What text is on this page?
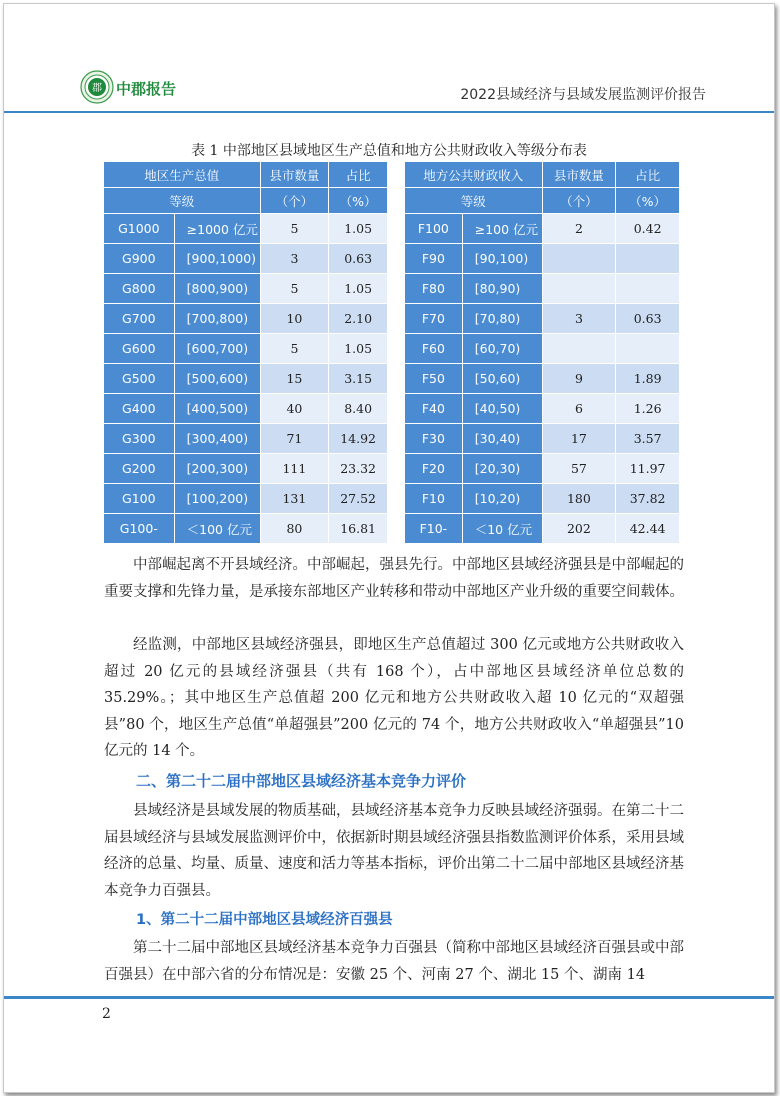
郡 中郡报告	2022县域经济与县域发展监测评价报告
表 1 中部地区县域地区生产总值和地方公共财政收入等级分布表
地区生产总值		县市数量	占比
等级		（个）	（%）
G1000	≥1000 亿元	5	1.05
G900	[900,1000)	3	0.63
G800	[800,900)	5	1.05
G700	[700,800)	10	2.10
G600	[600,700)	5	1.05
G500	[500,600)	15	3.15
G400	[400,500)	40	8.40
G300	[300,400)	71	14.92
G200	[200,300)	111	23.32
G100	[100,200)	131	27.52
G100-	＜100 亿元	80	16.81
地方公共财政收入		县市数量	占比
等级		（个）	（%）
F100	≥100 亿元	2	0.42
F90	[90,100)		
F80	[80,90)		
F70	[70,80)	3	0.63
F60	[60,70)		
F50	[50,60)	9	1.89
F40	[40,50)	6	1.26
F30	[30,40)	17	3.57
F20	[20,30)	57	11.97
F10	[10,20)	180	37.82
F10-	＜10 亿元	202	42.44

中部崛起离不开县域经济。中部崛起，强县先行。中部地区县域经济强县是中部崛起的重要支撑和先锋力量，是承接东部地区产业转移和带动中部地区产业升级的重要空间载体。

经监测，中部地区县域经济强县，即地区生产总值超过 300 亿元或地方公共财政收入超过 20 亿元的县域经济强县（共有 168 个），占中部地区县域经济单位总数的 35.29%。；其中地区生产总值超 200 亿元和地方公共财政收入超 10 亿元的“双超强县”80 个，地区生产总值“单超强县”200 亿元的 74 个，地方公共财政收入“单超强县”10 亿元的 14 个。

二、第二十二届中部地区县域经济基本竞争力评价

县域经济是县域发展的物质基础，县域经济基本竞争力反映县域经济强弱。在第二十二届县域经济与县域发展监测评价中，依据新时期县域经济强县指数监测评价体系，采用县域经济的总量、均量、质量、速度和活力等基本指标，评价出第二十二届中部地区县域经济基本竞争力百强县。

1、第二十二届中部地区县域经济百强县

第二十二届中部地区县域经济基本竞争力百强县（简称中部地区县域经济百强县或中部百强县）在中部六省的分布情况是：安徽 25 个、河南 27 个、湖北 15 个、湖南 14

2
